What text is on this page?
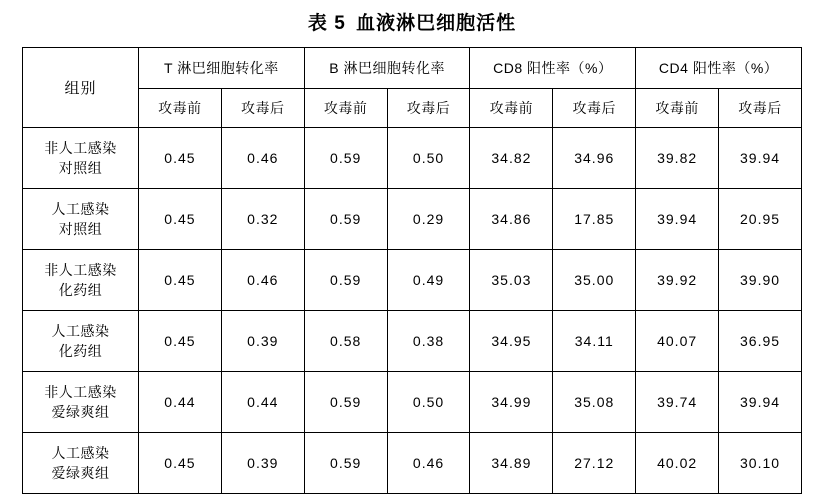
表 5 血液淋巴细胞活性
组别	T 淋巴细胞转化率		B 淋巴细胞转化率		CD8 阳性率（%）		CD4 阳性率（%）	
	攻毒前	攻毒后	攻毒前	攻毒后	攻毒前	攻毒后	攻毒前	攻毒后

非人工感染
对照组	0.45	0.46	0.59	0.50	34.82	34.96	39.82	39.94

人工感染
对照组	0.45	0.32	0.59	0.29	34.86	17.85	39.94	20.95

非人工感染
化药组	0.45	0.46	0.59	0.49	35.03	35.00	39.92	39.90

人工感染
化药组	0.45	0.39	0.58	0.38	34.95	34.11	40.07	36.95

非人工感染
爱绿爽组	0.44	0.44	0.59	0.50	34.99	35.08	39.74	39.94

人工感染
爱绿爽组	0.45	0.39	0.59	0.46	34.89	27.12	40.02	30.10
